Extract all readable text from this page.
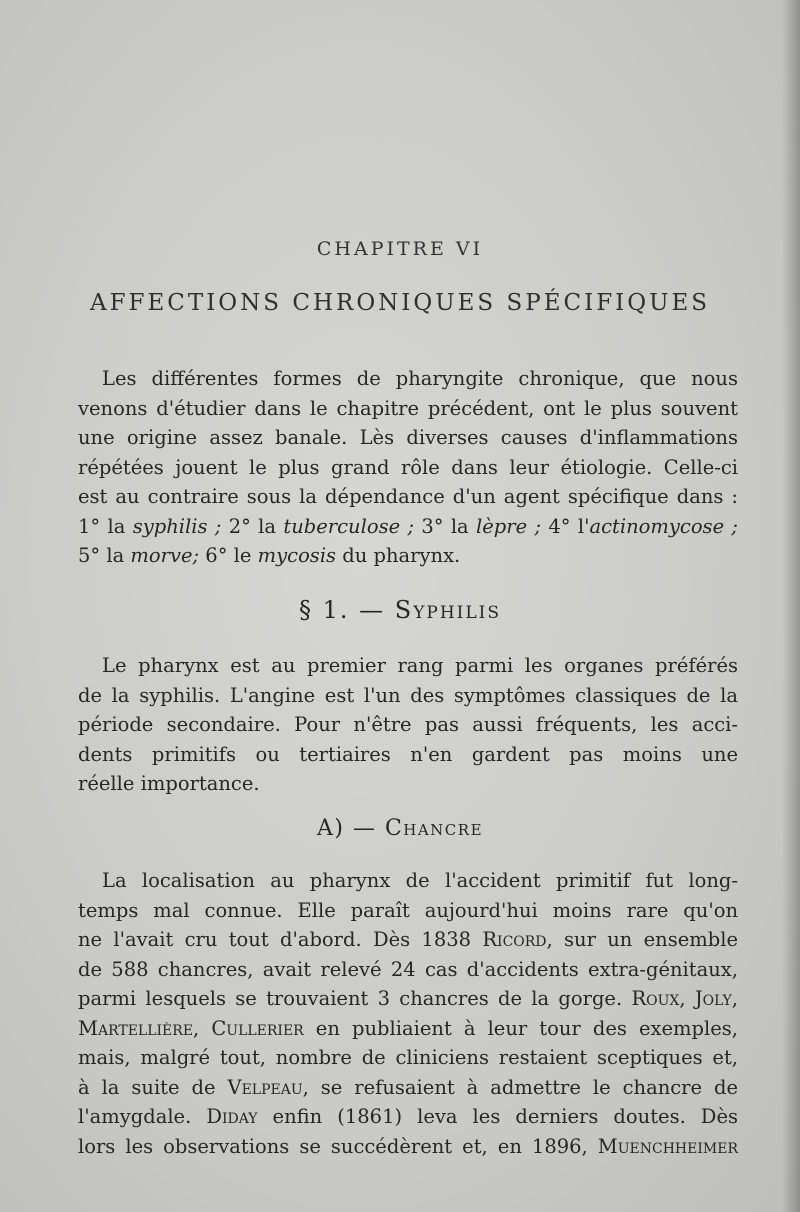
CHAPITRE VI
AFFECTIONS CHRONIQUES SPÉCIFIQUES
Les différentes formes de pharyngite chronique, que nous
venons d'étudier dans le chapitre précédent, ont le plus souvent
une origine assez banale. Lès diverses causes d'inflammations
répétées jouent le plus grand rôle dans leur étiologie. Celle-ci
est au contraire sous la dépendance d'un agent spécifique dans :
1° la syphilis ; 2° la tuberculose ; 3° la lèpre ; 4° l'actinomycose ;
5° la morve; 6° le mycosis du pharynx.
§ 1. — Syphilis
Le pharynx est au premier rang parmi les organes préférés
de la syphilis. L'angine est l'un des symptômes classiques de la
période secondaire. Pour n'être pas aussi fréquents, les acci-
dents primitifs ou tertiaires n'en gardent pas moins une
réelle importance.
A) — Chancre
La localisation au pharynx de l'accident primitif fut long-
temps mal connue. Elle paraît aujourd'hui moins rare qu'on
ne l'avait cru tout d'abord. Dès 1838 Ricord, sur un ensemble
de 588 chancres, avait relevé 24 cas d'accidents extra-génitaux,
parmi lesquels se trouvaient 3 chancres de la gorge. Roux, Joly,
Martellière, Cullerier en publiaient à leur tour des exemples,
mais, malgré tout, nombre de cliniciens restaient sceptiques et,
à la suite de Velpeau, se refusaient à admettre le chancre de
l'amygdale. Diday enfin (1861) leva les derniers doutes. Dès
lors les observations se succédèrent et, en 1896, Muenchheimer
